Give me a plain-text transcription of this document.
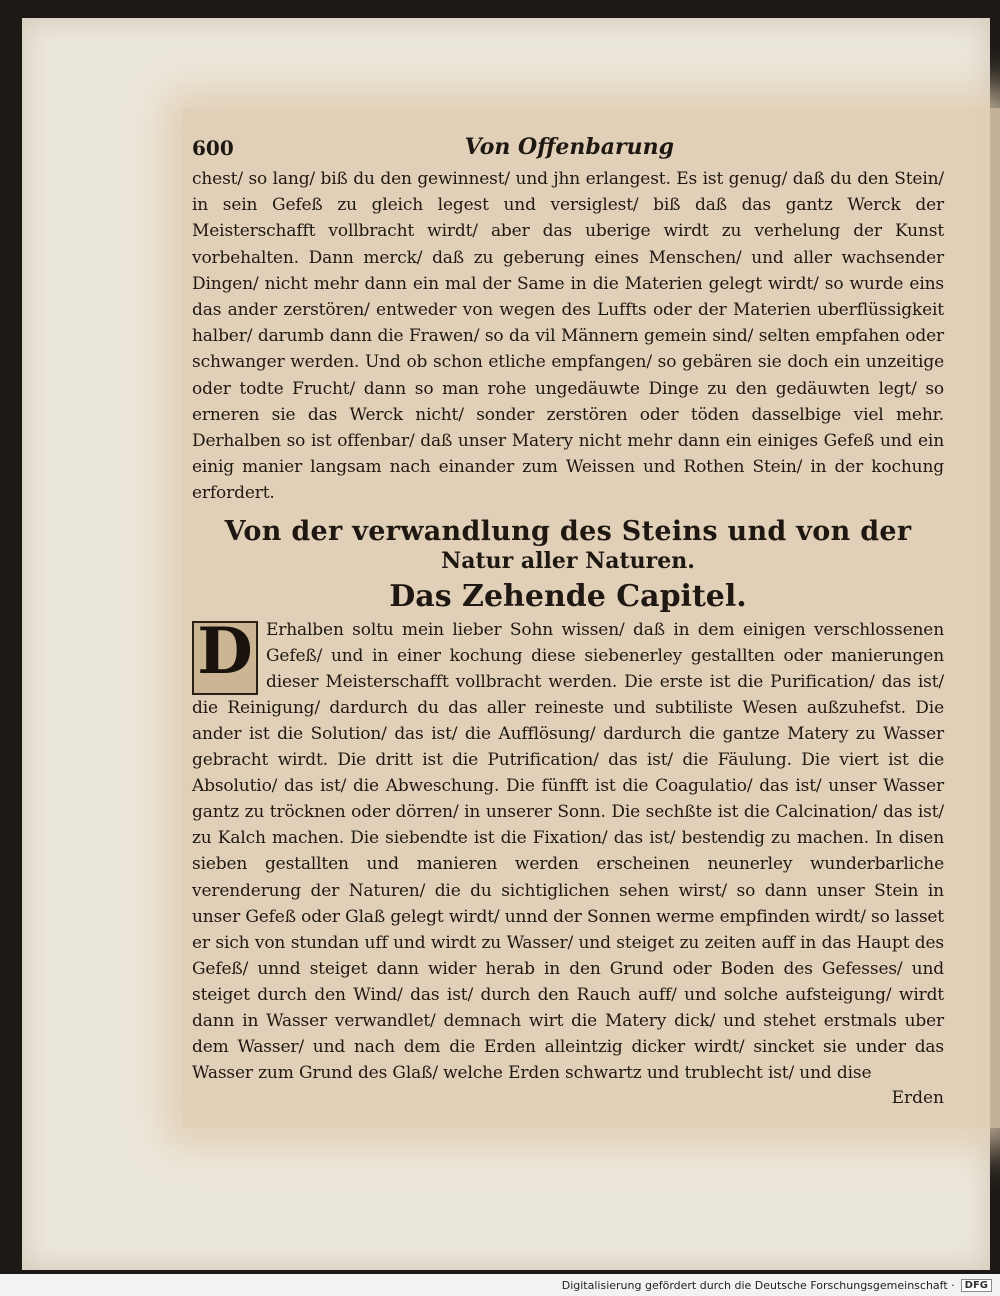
600	Von Offenbarung

chest/ so lang/ biß du den gewinnest/ und jhn erlangest. Es ist genug/ daß du den Stein/ in sein Gefeß zu gleich legest und versiglest/ biß daß das gantz Werck der Meisterschafft vollbracht wirdt/ aber das uberige wirdt zu verhelung der Kunst vorbehalten. Dann merck/ daß zu geberung eines Menschen/ und aller wachsender Dingen/ nicht mehr dann ein mal der Same in die Materien gelegt wirdt/ so wurde eins das ander zerstören/ entweder von wegen des Luffts oder der Materien uberflüssigkeit halber/ darumb dann die Frawen/ so da vil Männern gemein sind/ selten empfahen oder schwanger werden. Und ob schon etliche empfangen/ so gebären sie doch ein unzeitige oder todte Frucht/ dann so man rohe ungedäuwte Dinge zu den gedäuwten legt/ so erneren sie das Werck nicht/ sonder zerstören oder töden dasselbige viel mehr. Derhalben so ist offenbar/ daß unser Matery nicht mehr dann ein einiges Gefeß und ein einig manier langsam nach einander zum Weissen und Rothen Stein/ in der kochung erfordert.

Von der verwandlung des Steins und von der
Natur aller Naturen.
Das Zehende Capitel.
D Erhalben soltu mein lieber Sohn wissen/ daß in dem einigen verschlossenen Gefeß/ und in einer kochung diese siebenerley gestallten oder manierungen dieser Meisterschafft vollbracht werden. Die erste ist die Purification/ das ist/ die Reinigung/ dardurch du das aller reineste und subtiliste Wesen außzuhefst. Die ander ist die Solution/ das ist/ die Aufflösung/ dardurch die gantze Matery zu Wasser gebracht wirdt. Die dritt ist die Putrification/ das ist/ die Fäulung. Die viert ist die Absolutio/ das ist/ die Abweschung. Die fünfft ist die Coagulatio/ das ist/ unser Wasser gantz zu tröcknen oder dörren/ in unserer Sonn. Die sechßte ist die Calcination/ das ist/ zu Kalch machen. Die siebendte ist die Fixation/ das ist/ bestendig zu machen. In disen sieben gestallten und manieren werden erscheinen neunerley wunderbarliche verenderung der Naturen/ die du sichtiglichen sehen wirst/ so dann unser Stein in unser Gefeß oder Glaß gelegt wirdt/ unnd der Sonnen werme empfinden wirdt/ so lasset er sich von stundan uff und wirdt zu Wasser/ und steiget zu zeiten auff in das Haupt des Gefeß/ unnd steiget dann wider herab in den Grund oder Boden des Gefesses/ und steiget durch den Wind/ das ist/ durch den Rauch auff/ und solche aufsteigung/ wirdt dann in Wasser verwandlet/ demnach wirt die Matery dick/ und stehet erstmals uber dem Wasser/ und nach dem die Erden alleintzig dicker wirdt/ sincket sie under das Wasser zum Grund des Glaß/ welche Erden schwartz und trublecht ist/ und dise

Erden
Digitalisierung gefördert durch die Deutsche Forschungsgemeinschaft ·	DFG
